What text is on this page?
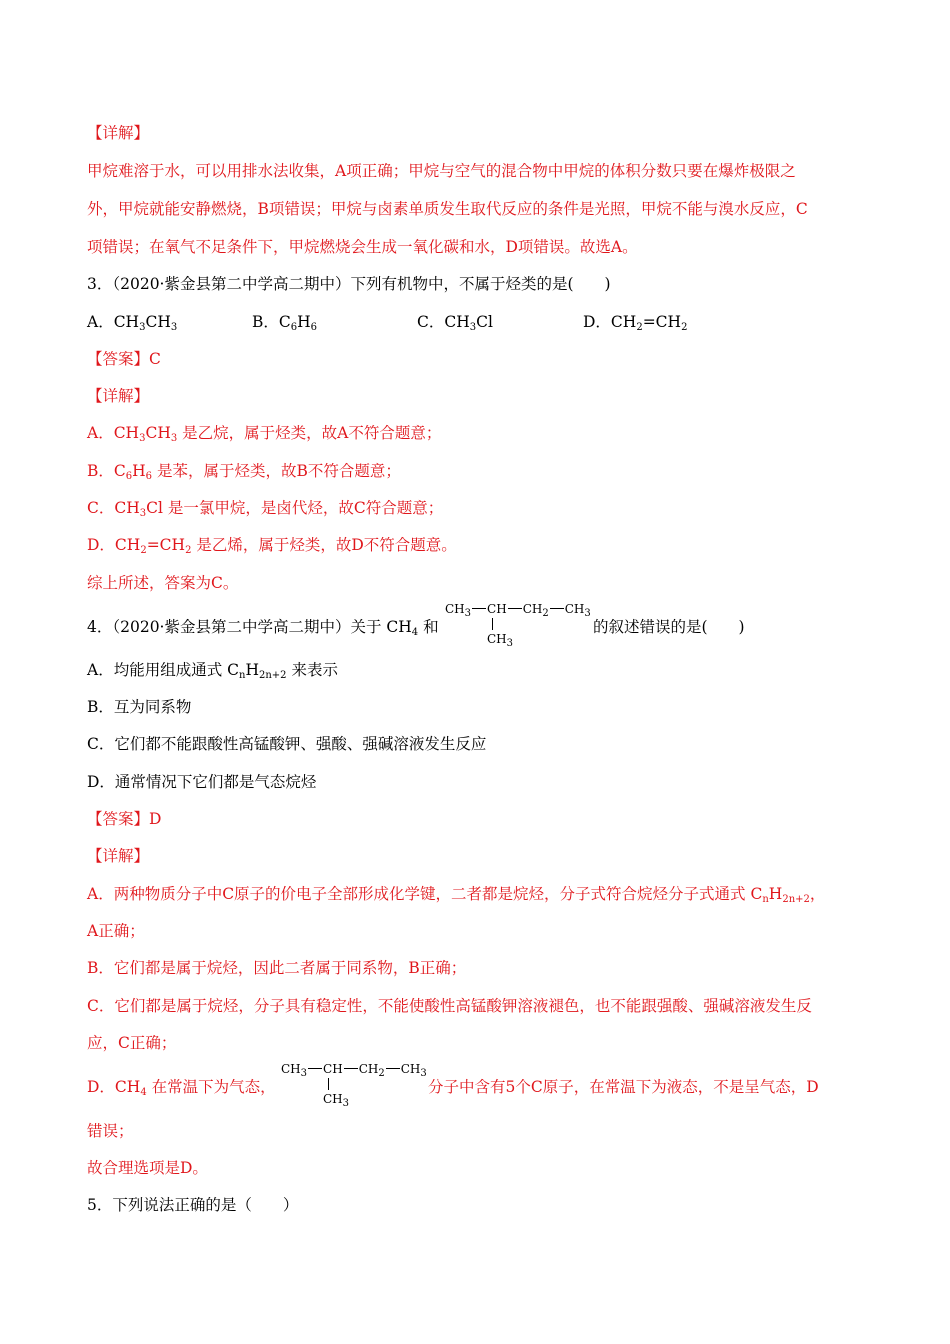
【详解】
甲烷难溶于水，可以用排水法收集，A项正确；甲烷与空气的混合物中甲烷的体积分数只要在爆炸极限之
外，甲烷就能安静燃烧，B项错误；甲烷与卤素单质发生取代反应的条件是光照，甲烷不能与溴水反应，C
项错误；在氧气不足条件下，甲烷燃烧会生成一氧化碳和水，D项错误。故选A。
3．（2020·紫金县第二中学高二期中）下列有机物中，不属于烃类的是(　　)
A．$CH_3CH_3$	B．$C_6H_6$	C．$CH_3Cl$	D．$CH_2=CH_2$
【答案】C
【详解】
A．$CH_3CH_3$ 是乙烷，属于烃类，故A不符合题意；
B．$C_6H_6$ 是苯，属于烃类，故B不符合题意；
C．$CH_3Cl$ 是一氯甲烷，是卤代烃，故C符合题意；
D．$CH_2=CH_2$ 是乙烯，属于烃类，故D不符合题意。
综上所述，答案为C。
4．（2020·紫金县第二中学高二期中）关于 $CH_4$ 和
$CH_3$ CH $CH_2$ $CH_3$
$CH_3$
的叙述错误的是(　　)
A．均能用组成通式 $C_nH_{2n+2}$ 来表示
B．互为同系物
C．它们都不能跟酸性高锰酸钾、强酸、强碱溶液发生反应
D．通常情况下它们都是气态烷烃
【答案】D
【详解】
A．两种物质分子中C原子的价电子全部形成化学键，二者都是烷烃，分子式符合烷烃分子式通式 $C_nH_{2n+2}$，
A正确；
B．它们都是属于烷烃，因此二者属于同系物，B正确；
C．它们都是属于烷烃，分子具有稳定性，不能使酸性高锰酸钾溶液褪色，也不能跟强酸、强碱溶液发生反
应，C正确；
D．$CH_4$ 在常温下为气态，
$CH_3$ CH $CH_2$ $CH_3$
$CH_3$
分子中含有5个C原子，在常温下为液态，不是呈气态，D
错误；
故合理选项是D。
5．下列说法正确的是（　　）
